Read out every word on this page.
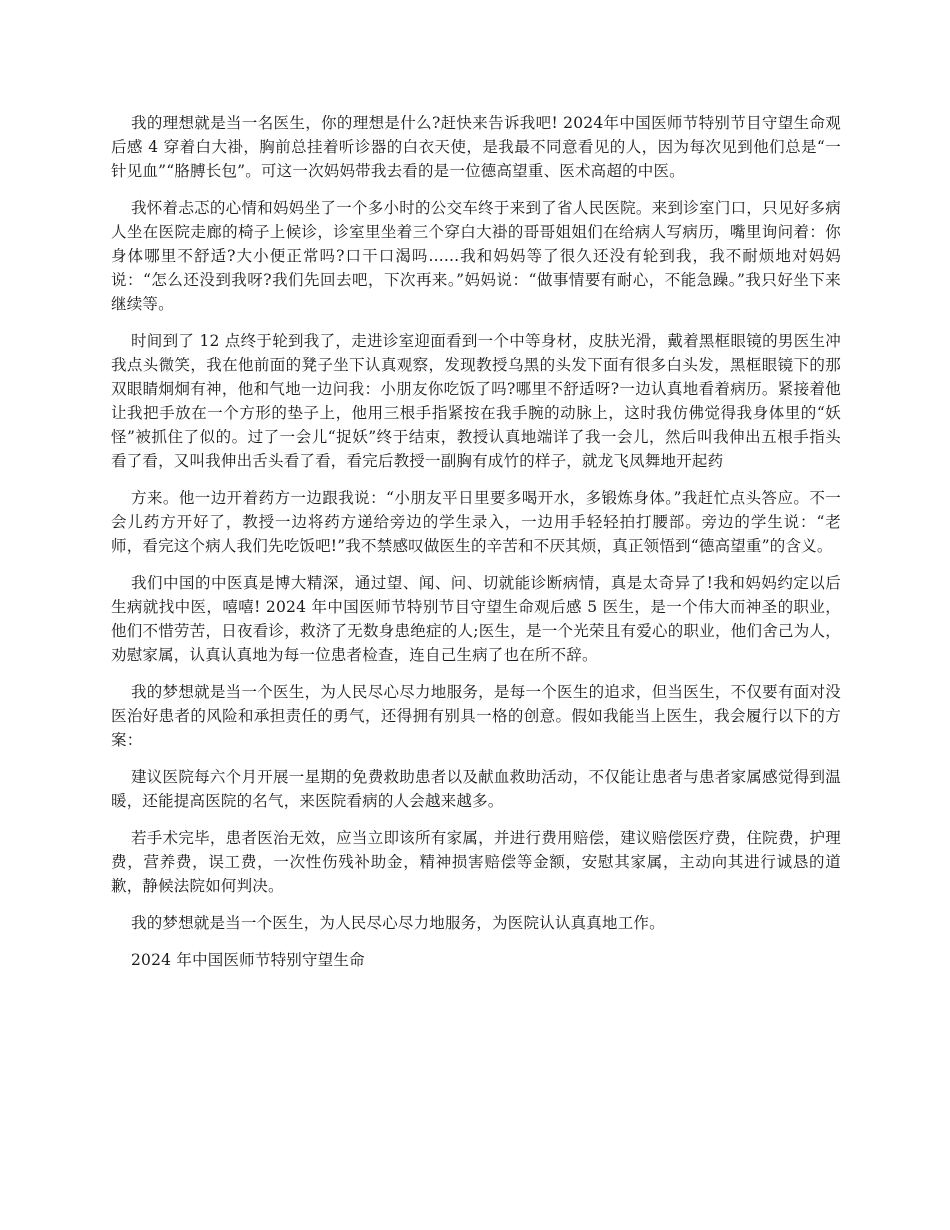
我的理想就是当一名医生，你的理想是什么?赶快来告诉我吧! 2024年中国医师节特别节目守望生命观后感 4 穿着白大褂，胸前总挂着听诊器的白衣天使，是我最不同意看见的人，因为每次见到他们总是“一针见血”“胳膊长包”。可这一次妈妈带我去看的是一位德高望重、医术高超的中医。

我怀着忐忑的心情和妈妈坐了一个多小时的公交车终于来到了省人民医院。来到诊室门口，只见好多病人坐在医院走廊的椅子上候诊，诊室里坐着三个穿白大褂的哥哥姐姐们在给病人写病历，嘴里询问着：你身体哪里不舒适?大小便正常吗?口干口渴吗......我和妈妈等了很久还没有轮到我，我不耐烦地对妈妈说：“怎么还没到我呀?我们先回去吧，下次再来。”妈妈说：“做事情要有耐心，不能急躁。”我只好坐下来继续等。

时间到了 12 点终于轮到我了，走进诊室迎面看到一个中等身材，皮肤光滑，戴着黑框眼镜的男医生冲我点头微笑，我在他前面的凳子坐下认真观察，发现教授乌黑的头发下面有很多白头发，黑框眼镜下的那双眼睛炯炯有神，他和气地一边问我：小朋友你吃饭了吗?哪里不舒适呀?一边认真地看着病历。紧接着他让我把手放在一个方形的垫子上，他用三根手指紧按在我手腕的动脉上，这时我仿佛觉得我身体里的“妖怪”被抓住了似的。过了一会儿“捉妖”终于结束，教授认真地端详了我一会儿，然后叫我伸出五根手指头看了看，又叫我伸出舌头看了看，看完后教授一副胸有成竹的样子，就龙飞凤舞地开起药

方来。他一边开着药方一边跟我说：“小朋友平日里要多喝开水，多锻炼身体。”我赶忙点头答应。不一会儿药方开好了，教授一边将药方递给旁边的学生录入，一边用手轻轻拍打腰部。旁边的学生说：“老师，看完这个病人我们先吃饭吧!”我不禁感叹做医生的辛苦和不厌其烦，真正领悟到“德高望重”的含义。

我们中国的中医真是博大精深，通过望、闻、问、切就能诊断病情，真是太奇异了!我和妈妈约定以后生病就找中医，嘻嘻! 2024 年中国医师节特别节目守望生命观后感 5 医生，是一个伟大而神圣的职业，他们不惜劳苦，日夜看诊，救济了无数身患绝症的人;医生，是一个光荣且有爱心的职业，他们舍己为人，劝慰家属，认真认真地为每一位患者检查，连自己生病了也在所不辞。

我的梦想就是当一个医生，为人民尽心尽力地服务，是每一个医生的追求，但当医生，不仅要有面对没医治好患者的风险和承担责任的勇气，还得拥有别具一格的创意。假如我能当上医生，我会履行以下的方案：

建议医院每六个月开展一星期的免费救助患者以及献血救助活动，不仅能让患者与患者家属感觉得到温暖，还能提高医院的名气，来医院看病的人会越来越多。

若手术完毕，患者医治无效，应当立即该所有家属，并进行费用赔偿，建议赔偿医疗费，住院费，护理费，营养费，误工费，一次性伤残补助金，精神损害赔偿等金额，安慰其家属，主动向其进行诚恳的道歉，静候法院如何判决。

我的梦想就是当一个医生，为人民尽心尽力地服务，为医院认认真真地工作。

2024 年中国医师节特别守望生命
